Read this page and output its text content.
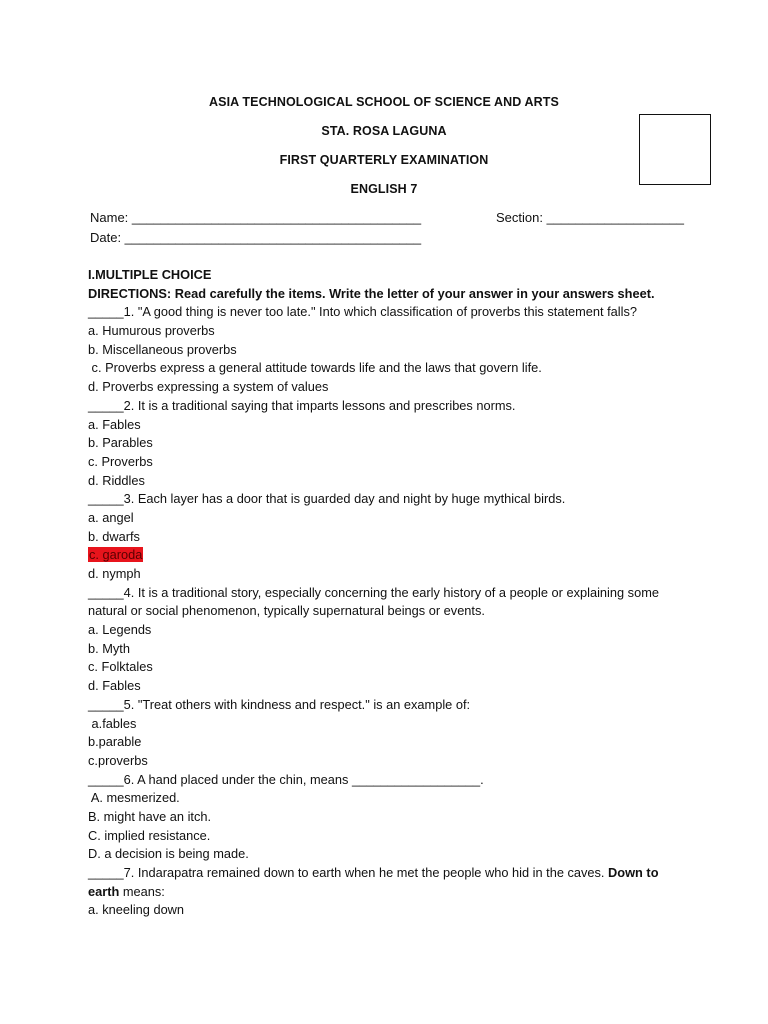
ASIA TECHNOLOGICAL SCHOOL OF SCIENCE AND ARTS
STA. ROSA LAGUNA
FIRST QUARTERLY EXAMINATION
ENGLISH 7
Name: ________________________________________	Section: ___________________
Date: _________________________________________
I.MULTIPLE CHOICE
DIRECTIONS: Read carefully the items. Write the letter of your answer in your answers sheet.
_____1. "A good thing is never too late." Into which classification of proverbs this statement falls?
a. Humurous proverbs
b. Miscellaneous proverbs
c. Proverbs express a general attitude towards life and the laws that govern life.
d. Proverbs expressing a system of values
_____2. It is a traditional saying that imparts lessons and prescribes norms.
a. Fables
b. Parables
c. Proverbs
d. Riddles
_____3. Each layer has a door that is guarded day and night by huge mythical birds.
a. angel
b. dwarfs
c. garoda
d. nymph
_____4. It is a traditional story, especially concerning the early history of a people or explaining some
natural or social phenomenon, typically supernatural beings or events.
a. Legends
b. Myth
c. Folktales
d. Fables
_____5. "Treat others with kindness and respect." is an example of:
a.fables
b.parable
c.proverbs
_____6. A hand placed under the chin, means __________________.
A. mesmerized.
B. might have an itch.
C. implied resistance.
D. a decision is being made.
_____7. Indarapatra remained down to earth when he met the people who hid in the caves. Down to
earth means:
a. kneeling down
